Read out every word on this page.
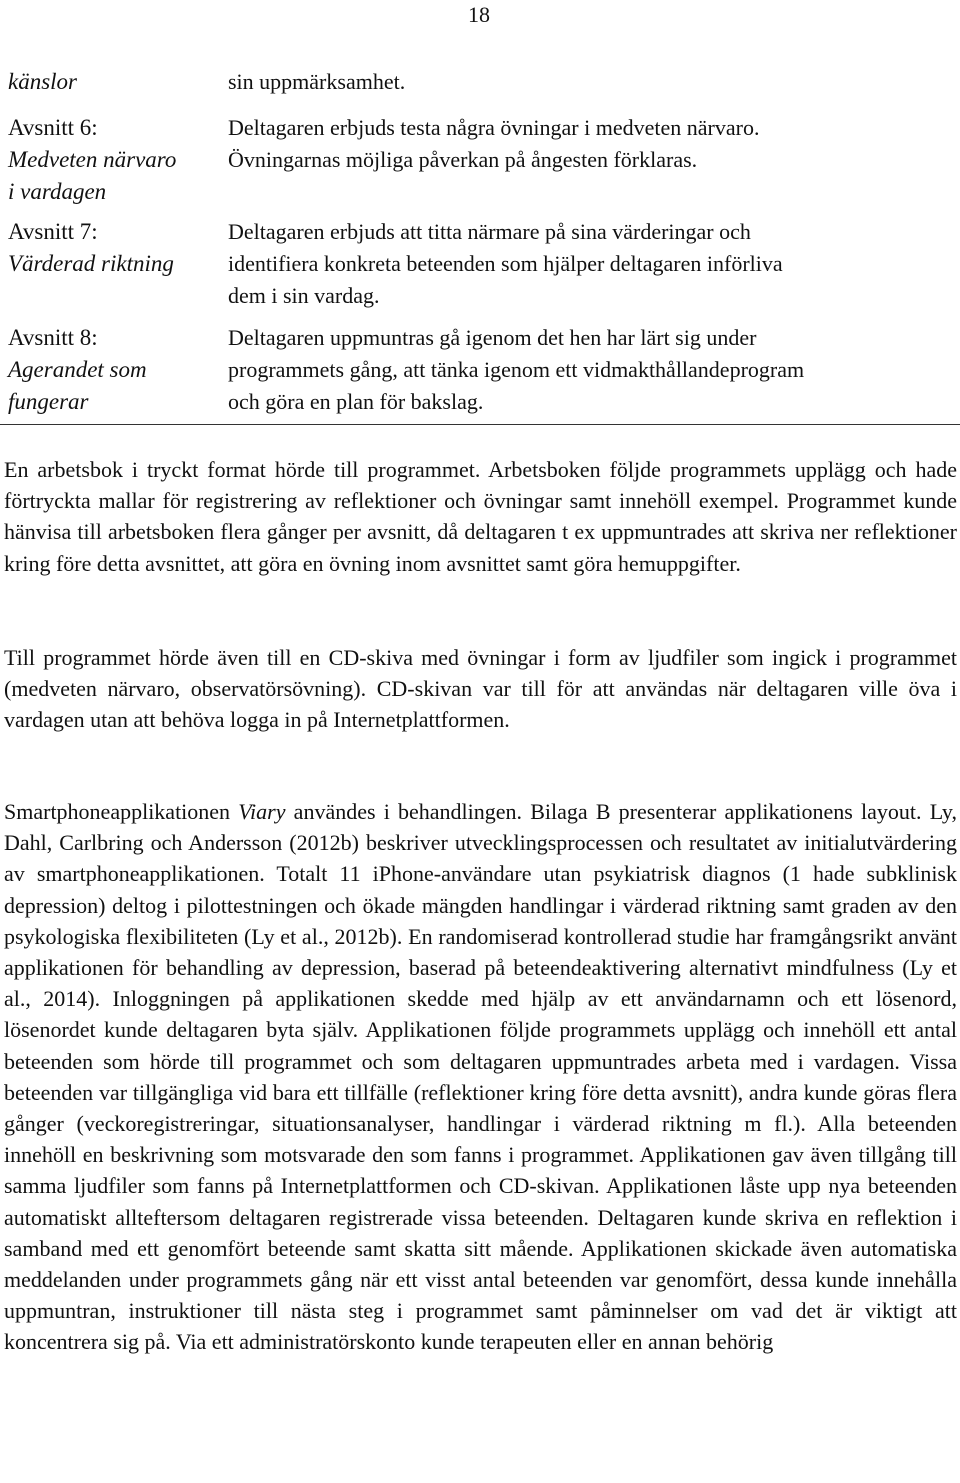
18
känslor	sin uppmärksamhet.
Avsnitt 6:
Medveten närvaro
i vardagen
Deltagaren erbjuds testa några övningar i medveten närvaro.
Övningarnas möjliga påverkan på ångesten förklaras.
Avsnitt 7:
Värderad riktning
Deltagaren erbjuds att titta närmare på sina värderingar och
identifiera konkreta beteenden som hjälper deltagaren införliva
dem i sin vardag.
Avsnitt 8:
Agerandet som
fungerar
Deltagaren uppmuntras gå igenom det hen har lärt sig under
programmets gång, att tänka igenom ett vidmakthållandeprogram
och göra en plan för bakslag.

En arbetsbok i tryckt format hörde till programmet. Arbetsboken följde programmets upplägg och hade förtryckta mallar för registrering av reflektioner och övningar samt innehöll exempel. Programmet kunde hänvisa till arbetsboken flera gånger per avsnitt, då deltagaren t ex uppmuntrades att skriva ner reflektioner kring före detta avsnittet, att göra en övning inom avsnittet samt göra hemuppgifter.

Till programmet hörde även till en CD-skiva med övningar i form av ljudfiler som ingick i programmet (medveten närvaro, observatörsövning). CD-skivan var till för att användas när deltagaren ville öva i vardagen utan att behöva logga in på Internetplattformen.

Smartphoneapplikationen Viary användes i behandlingen. Bilaga B presenterar applikationens layout. Ly, Dahl, Carlbring och Andersson (2012b) beskriver utvecklingsprocessen och resultatet av initialutvärdering av smartphoneapplikationen. Totalt 11 iPhone-användare utan psykiatrisk diagnos (1 hade subklinisk depression) deltog i pilottestningen och ökade mängden handlingar i värderad riktning samt graden av den psykologiska flexibiliteten (Ly et al., 2012b). En randomiserad kontrollerad studie har framgångsrikt använt applikationen för behandling av depression, baserad på beteendeaktivering alternativt mindfulness (Ly et al., 2014). Inloggningen på applikationen skedde med hjälp av ett användarnamn och ett lösenord, lösenordet kunde deltagaren byta själv. Applikationen följde programmets upplägg och innehöll ett antal beteenden som hörde till programmet och som deltagaren uppmuntrades arbeta med i vardagen. Vissa beteenden var tillgängliga vid bara ett tillfälle (reflektioner kring före detta avsnitt), andra kunde göras flera gånger (veckoregistreringar, situationsanalyser, handlingar i värderad riktning m fl.). Alla beteenden innehöll en beskrivning som motsvarade den som fanns i programmet. Applikationen gav även tillgång till samma ljudfiler som fanns på Internetplattformen och CD-skivan. Applikationen låste upp nya beteenden automatiskt allteftersom deltagaren registrerade vissa beteenden. Deltagaren kunde skriva en reflektion i samband med ett genomfört beteende samt skatta sitt mående. Applikationen skickade även automatiska meddelanden under programmets gång när ett visst antal beteenden var genomfört, dessa kunde innehålla uppmuntran, instruktioner till nästa steg i programmet samt påminnelser om vad det är viktigt att koncentrera sig på. Via ett administratörskonto kunde terapeuten eller en annan behörig
